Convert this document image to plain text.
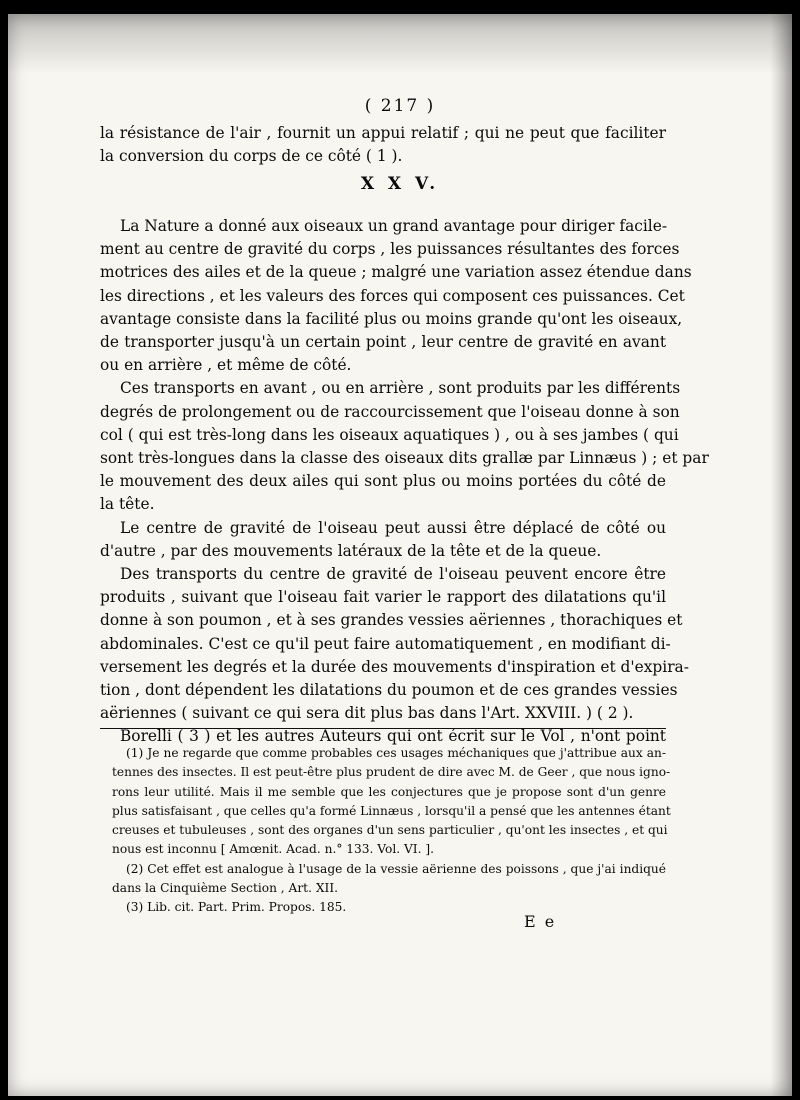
( 217 )
la résistance de l'air , fournit un appui relatif ; qui ne peut que faciliter
la conversion du corps de ce côté ( 1 ).
X X V.
La Nature a donné aux oiseaux un grand avantage pour diriger facile-
ment au centre de gravité du corps , les puissances résultantes des forces
motrices des ailes et de la queue ; malgré une variation assez étendue dans
les directions , et les valeurs des forces qui composent ces puissances. Cet
avantage consiste dans la facilité plus ou moins grande qu'ont les oiseaux,
de transporter jusqu'à un certain point , leur centre de gravité en avant
ou en arrière , et même de côté.
Ces transports en avant , ou en arrière , sont produits par les différents
degrés de prolongement ou de raccourcissement que l'oiseau donne à son
col ( qui est très-long dans les oiseaux aquatiques ) , ou à ses jambes ( qui
sont très-longues dans la classe des oiseaux dits grallæ par Linnæus ) ; et par
le mouvement des deux ailes qui sont plus ou moins portées du côté de
la tête.
Le centre de gravité de l'oiseau peut aussi être déplacé de côté ou
d'autre , par des mouvements latéraux de la tête et de la queue.
Des transports du centre de gravité de l'oiseau peuvent encore être
produits , suivant que l'oiseau fait varier le rapport des dilatations qu'il
donne à son poumon , et à ses grandes vessies aëriennes , thorachiques et
abdominales. C'est ce qu'il peut faire automatiquement , en modifiant di-
versement les degrés et la durée des mouvements d'inspiration et d'expira-
tion , dont dépendent les dilatations du poumon et de ces grandes vessies
aëriennes ( suivant ce qui sera dit plus bas dans l'Art. XXVIII. ) ( 2 ).
Borelli ( 3 ) et les autres Auteurs qui ont écrit sur le Vol , n'ont point
(1) Je ne regarde que comme probables ces usages méchaniques que j'attribue aux an-
tennes des insectes. Il est peut-être plus prudent de dire avec M. de Geer , que nous igno-
rons leur utilité. Mais il me semble que les conjectures que je propose sont d'un genre
plus satisfaisant , que celles qu'a formé Linnæus , lorsqu'il a pensé que les antennes étant
creuses et tubuleuses , sont des organes d'un sens particulier , qu'ont les insectes , et qui
nous est inconnu [ Amœnit. Acad. n.° 133. Vol. VI. ].
(2) Cet effet est analogue à l'usage de la vessie aërienne des poissons , que j'ai indiqué
dans la Cinquième Section , Art. XII.
(3) Lib. cit. Part. Prim. Propos. 185.
E e
